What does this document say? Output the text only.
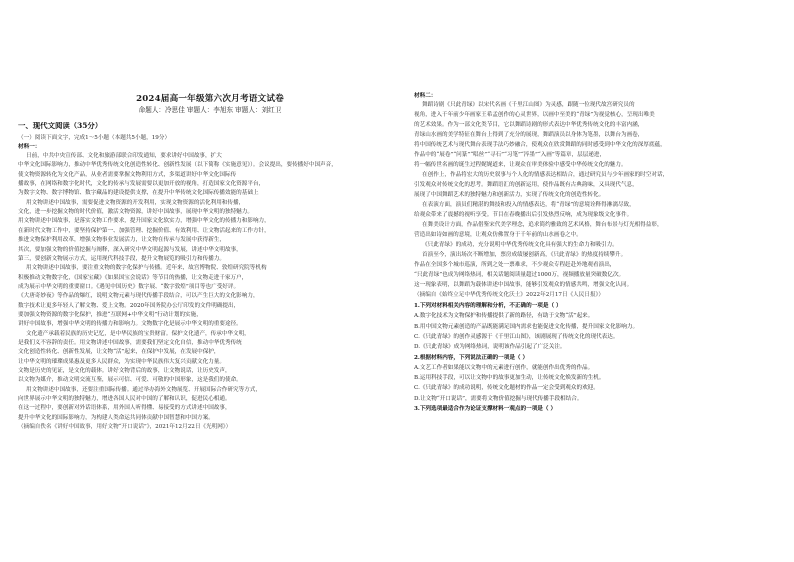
2024届高一年级第六次月考语文试卷
命题人：冷思佳 审题人：李旭东 审题人：刘红卫
一、现代文阅读（35分）
（一）阅读下面文字，完成1～5小题（本题共5小题，19分）
材料一：
日前，中共中央宣传部、文化和旅游部联合印发通知，要求讲好中国故事，扩大
中华文化国际影响力，推动中华优秀传统文化创造性转化、创新性发展（以下简称《实施意见》）。会议提出，要传播好中国声音，
使文物资源转化为文化产品，从业者需要掌握文物利用方式，多渠道讲好中华文化国际传
播故事，在网络和数字化时代，文化的传承与发展需要以更加开放的视角，打造国家文化资源平台，
为数字文物、数字博物馆、数字藏品的建设提供支撑，在提升中华传统文化国际传播效能的基础上
用文物讲述中国故事，需要促进文物资源的开发利用，实现文物资源的活化利用和传播，
文化，进一步挖掘文物的时代价值，激活文物资源，讲好中国故事，展现中华文明的独特魅力。
用文物讲述中国故事，是落实文物工作要求，提升国家文化软实力，增强中华文化的传播力和影响力，
在新时代文物工作中，要坚持保护第一、加强管理、挖掘价值、有效利用、让文物活起来的工作方针，
推进文物保护利用改革，增强文物事业发展活力，让文物在传承与发展中获得新生，
其次，要加强文物的价值挖掘与阐释，深入研究中华文明起源与发展，讲述中华文明故事，
第三，要创新文物展示方式，运用现代科技手段，提升文物展览的吸引力和传播力。
用文物讲述中国故事，要注重文物的数字化保护与传播。近年来，故宫博物院、敦煌研究院等机构
积极推动文物数字化，《国家宝藏》《如果国宝会说话》等节目的热播，让文物走进千家万户，
成为展示中华文明的重要窗口。《遇见中国历史》数字展、“数字敦煌”项目等也广受好评。
《大唐奇妙夜》等作品的爆红，说明文物元素与现代传播手段结合，可以产生巨大的文化影响力，
数字技术让更多年轻人了解文物、爱上文物。2020年国务院办公厅印发的文件明确提出，
要加强文物资源的数字化保护，推进“互联网+中华文明”行动计划的实施，
讲好中国故事，增强中华文明的传播力和影响力。文物数字化是展示中华文明的重要途径。
文化遗产承载着民族的历史记忆，是中华民族的宝贵财富。保护文化遗产，传承中华文明，
是我们义不容辞的责任。用文物讲述中国故事，需要我们坚定文化自信，推动中华优秀传统
文化创造性转化、创新性发展，让文物“活”起来，在保护中发展，在发展中保护，
让中华文明的璀璨成果惠及更多人民群众，为实现中华民族伟大复兴贡献文化力量。
文物是历史的见证，是文化的载体。讲好文物背后的故事，让文物说话，让历史发声，
以文物为媒介，推动文明交流互鉴，展示可信、可爱、可敬的中国形象，这是我们的使命。
用文物讲述中国故事，还要注重国际传播。通过举办海外文物展览、开展国际合作研究等方式，
向世界展示中华文明的独特魅力，增进各国人民对中国的了解和认识，促进民心相通。
在这一过程中，要创新对外话语体系，用外国人听得懂、易接受的方式讲述中国故事，
提升中华文化的国际影响力，为构建人类命运共同体贡献中国智慧和中国方案。
（摘编自佚名《讲好中国故事，用好文物“开口说话”》，2021年12月22日《光明网》）
材料二：
舞蹈诗剧《只此青绿》以宋代名画《千里江山图》为灵感，跟随一位现代故宫研究员的
视角，进入千年前少年画家王希孟创作的心灵世界，以画中至美的“青绿”为视觉核心，呈现出唯美
的艺术效果。作为一部文化类节目，它以舞蹈诗剧的形式表达中华优秀传统文化的丰富内涵，
青绿山水画的美学特征在舞台上得到了充分的展现，舞蹈演员以身体为笔墨，以舞台为画卷，
将中国传统艺术与现代舞台表现手法巧妙融合，使观众在欣赏舞蹈的同时感受到中华文化的深厚底蕴，
作品中的“展卷”“问篆”“唱丝”“寻石”“习笔”“淬墨”“入画”等篇章，层层递进，
将一幅传世名画的诞生过程娓娓道来，让观众在审美体验中感受中华传统文化的魅力。
在创作上，作品将宏大的历史叙事与个人化的情感表达相结合，通过研究员与少年画家的时空对话，
引发观众对传统文化的思考。舞蹈语汇的创新运用，使作品既有古典韵味，又具现代气息，
展现了中国舞蹈艺术的独特魅力和创新活力，实现了传统文化的创造性转化。
在表演方面，演员们精湛的舞技和投入的情感表达，将“青绿”的意境诠释得淋漓尽致，
给观众带来了震撼的视听享受。节目在春晚播出后引发热烈反响，成为现象级文化事件。
在舞美设计方面，作品借鉴宋代美学理念，追求简约雅致的艺术风格，舞台布景与灯光相得益彰，
营造出如诗如画的意境，让观众仿佛置身于千年前的山水画卷之中。
《只此青绿》的成功，充分说明中华优秀传统文化具有强大的生命力和吸引力。
首演至今，演出场次不断增加，票房成绩屡创新高，《只此青绿》的热度持续攀升。
作品在全国多个城市巡演，所到之处一票难求，不少观众专程赶赴外地观看演出，
“只此青绿”也成为网络热词，相关话题阅读量超过1000万，视频播放量突破数亿次。
这一现象表明，以舞蹈为载体讲述中国故事，能够引发观众的情感共鸣，增强文化认同。
（摘编自《始终立足中华优秀传统文化沃土》2022年2月17日《人民日报》）
1.下列对材料相关内容的理解和分析，不正确的一项是（ ）
A.数字化技术为文物保护和传播提供了新的路径，有助于文物“活”起来。
B.用中国文物元素创造的产品既能满足国内需求也能促进文化传播，提升国家文化影响力。
C.《只此青绿》的创作灵感源于《千里江山图》，该剧展现了传统文化的现代表达。
D.《只此青绿》成为网络热词，说明该作品引起了广泛关注。
2.根据材料内容，下列说法正确的一项是（ ）
A.文艺工作者如果能以文物中的元素进行创作，就能创作出优秀的作品。
B.运用科技手段，可以让文物中的故事更加生动，让传统文化焕发新的生机。
C.《只此青绿》的成功说明，传统文化题材的作品一定会受到观众的欢迎。
D.让文物“开口说话”，需要将文物价值挖掘与现代传播手段相结合。
3.下列选项最适合作为论证支撑材料一观点的一项是（ ）
